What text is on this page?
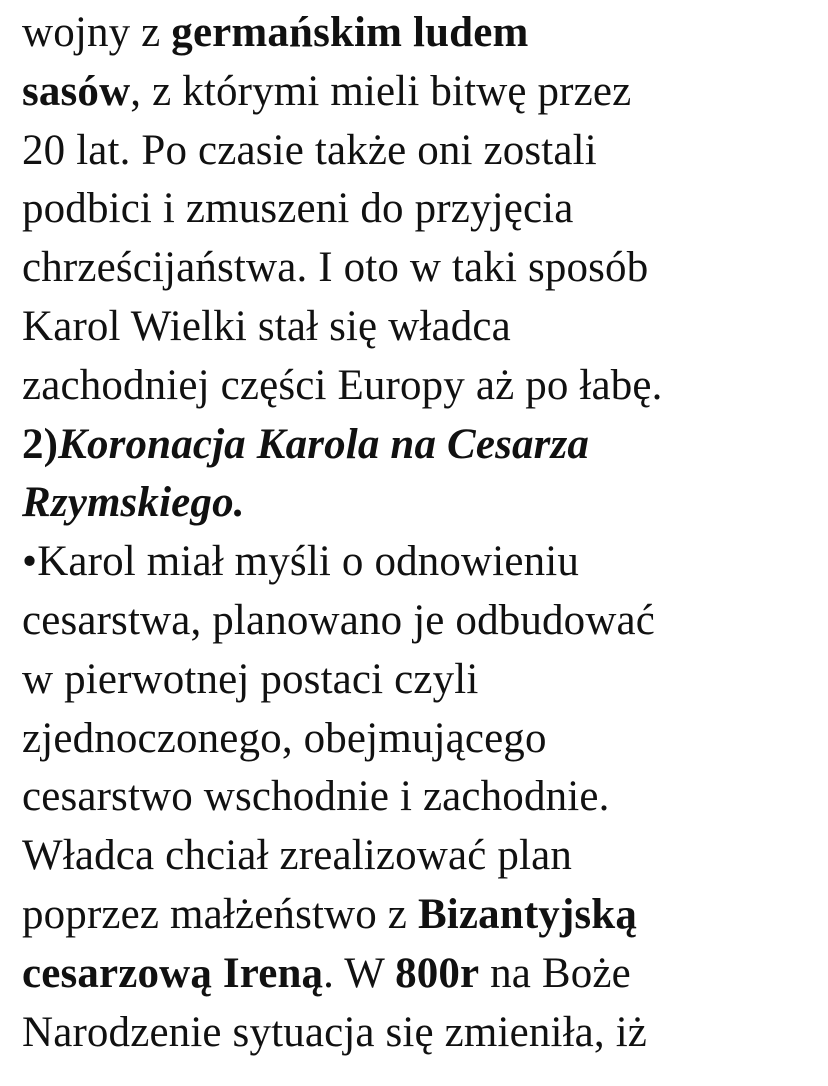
wojny z germańskim ludem
sasów, z którymi mieli bitwę przez
20 lat. Po czasie także oni zostali
podbici i zmuszeni do przyjęcia
chrześcijaństwa. I oto w taki sposób
Karol Wielki stał się władca
zachodniej części Europy aż po łabę.
2)Koronacja Karola na Cesarza
Rzymskiego.
•Karol miał myśli o odnowieniu
cesarstwa, planowano je odbudować
w pierwotnej postaci czyli
zjednoczonego, obejmującego
cesarstwo wschodnie i zachodnie.
Władca chciał zrealizować plan
poprzez małżeństwo z Bizantyjską
cesarzową Ireną. W 800r na Boże
Narodzenie sytuacja się zmieniła, iż
